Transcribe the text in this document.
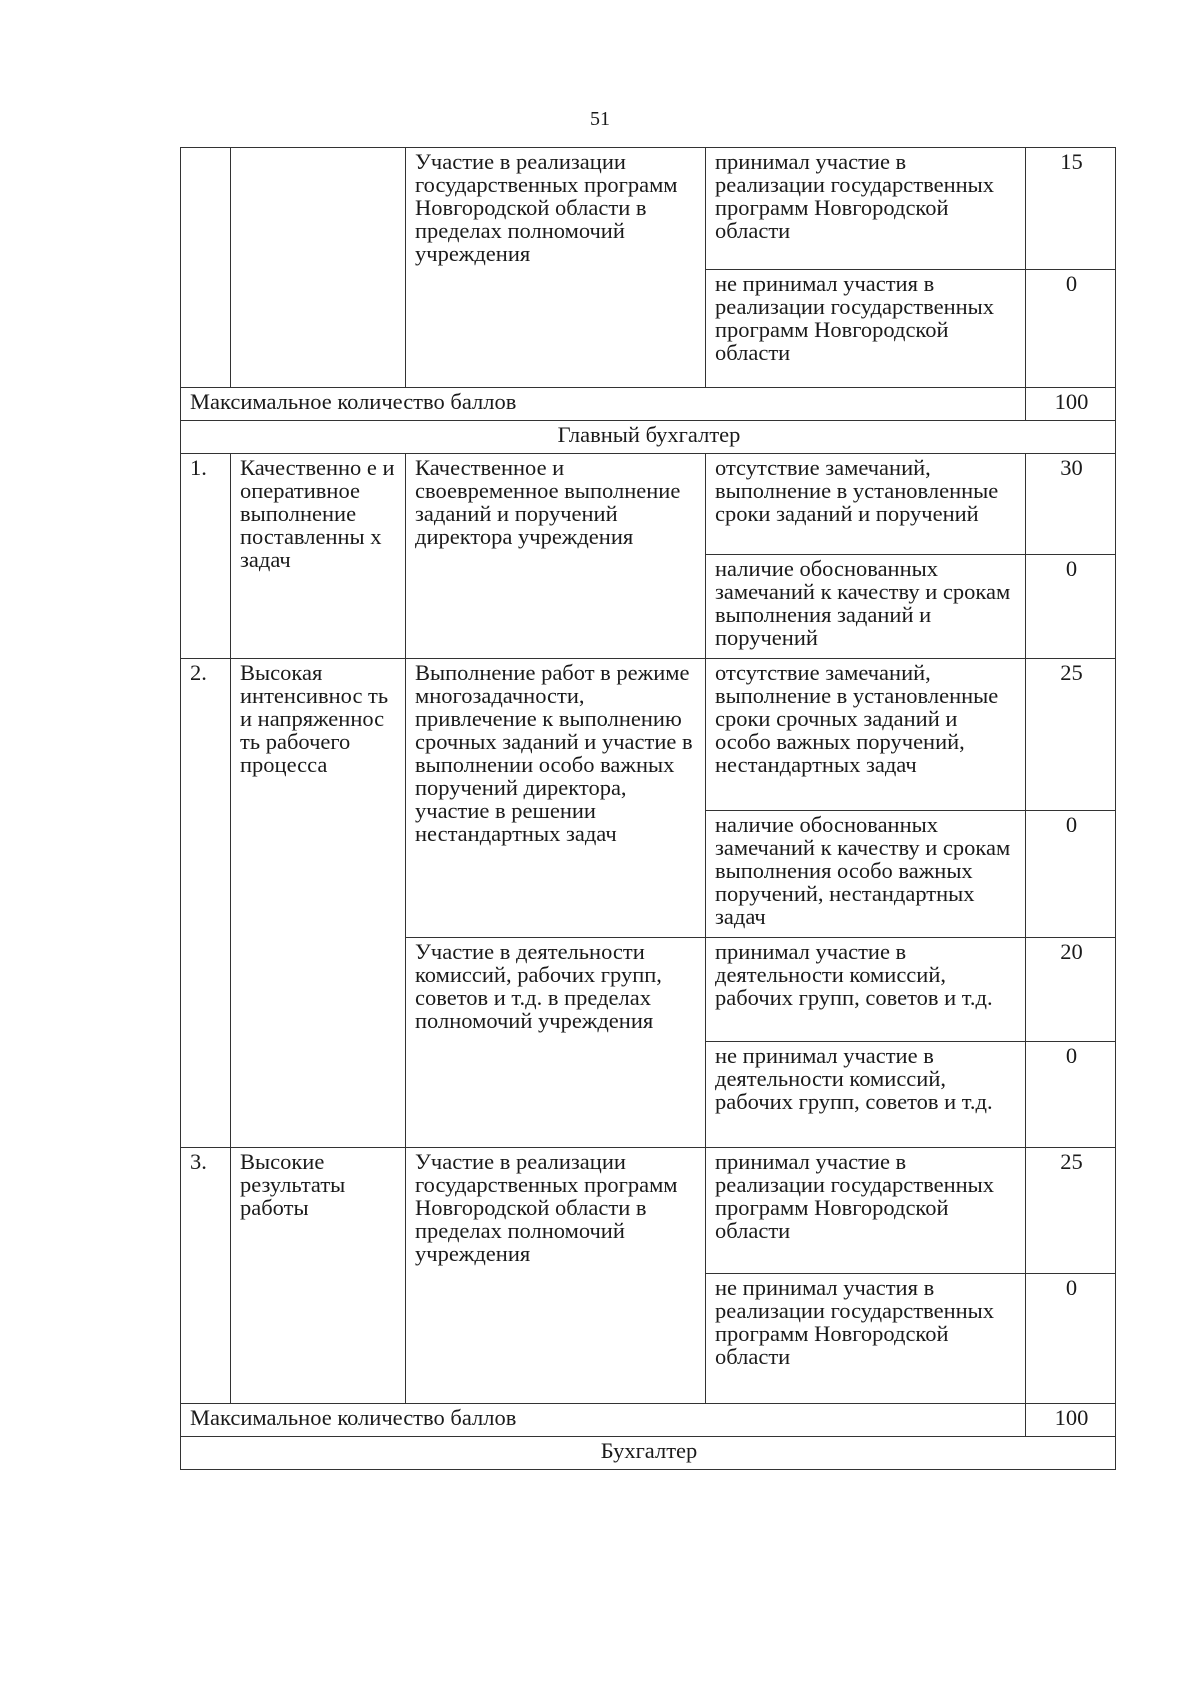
51
		Участие в реализации государственных программ Новгородской области в пределах полномочий учреждения	принимал участие в реализации государственных программ Новгородской области	15
			не принимал участия в реализации государственных программ Новгородской области	0
Максимальное количество баллов				100
Главный бухгалтер				
1.	Качественно е и оперативное выполнение поставленны х задач	Качественное и своевременное выполнение заданий и поручений директора учреждения	отсутствие замечаний, выполнение в установленные сроки заданий и поручений	30
			наличие обоснованных замечаний к качеству и срокам выполнения заданий и поручений	0
2.	Высокая интенсивнос ть и напряженнос ть рабочего процесса	Выполнение работ в режиме многозадачности, привлечение к выполнению срочных заданий и участие в выполнении особо важных поручений директора, участие в решении нестандартных задач	отсутствие замечаний, выполнение в установленные сроки срочных заданий и особо важных поручений, нестандартных задач	25
			наличие обоснованных замечаний к качеству и срокам выполнения особо важных поручений, нестандартных задач	0
		Участие в деятельности комиссий, рабочих групп, советов и т.д. в пределах полномочий учреждения	принимал участие в деятельности комиссий, рабочих групп, советов и т.д.	20
			не принимал участие в деятельности комиссий, рабочих групп, советов и т.д.	0
3.	Высокие результаты работы	Участие в реализации государственных программ Новгородской области в пределах полномочий учреждения	принимал участие в реализации государственных программ Новгородской области	25
			не принимал участия в реализации государственных программ Новгородской области	0
Максимальное количество баллов				100
Бухгалтер				
